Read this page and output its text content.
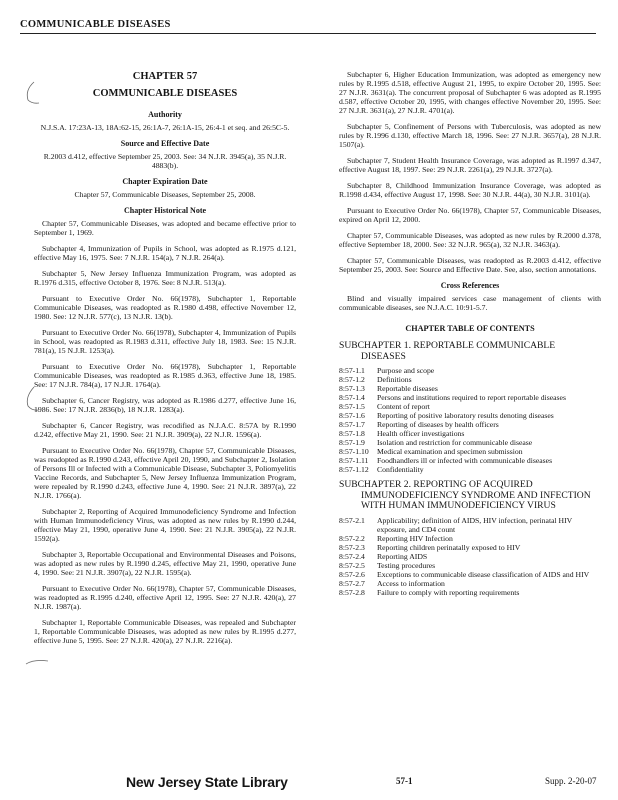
COMMUNICABLE DISEASES
CHAPTER 57
COMMUNICABLE DISEASES
Authority

N.J.S.A. 17:23A-13, 18A:62-15, 26:1A-7, 26:1A-15, 26:4-1 et seq. and 26:5C-5.

Source and Effective Date

R.2003 d.412, effective September 25, 2003. See: 34 N.J.R. 3945(a), 35 N.J.R. 4883(b).

Chapter Expiration Date

Chapter 57, Communicable Diseases, September 25, 2008.

Chapter Historical Note

Chapter 57, Communicable Diseases, was adopted and became effective prior to September 1, 1969.

Subchapter 4, Immunization of Pupils in School, was adopted as R.1975 d.121, effective May 16, 1975. See: 7 N.J.R. 154(a), 7 N.J.R. 264(a).

Subchapter 5, New Jersey Influenza Immunization Program, was adopted as R.1976 d.315, effective October 8, 1976. See: 8 N.J.R. 513(a).

Pursuant to Executive Order No. 66(1978), Subchapter 1, Reportable Communicable Diseases, was readopted as R.1980 d.498, effective November 12, 1980. See: 12 N.J.R. 577(c), 13 N.J.R. 13(b).

Pursuant to Executive Order No. 66(1978), Subchapter 4, Immunization of Pupils in School, was readopted as R.1983 d.311, effective July 18, 1983. See: 15 N.J.R. 781(a), 15 N.J.R. 1253(a).

Pursuant to Executive Order No. 66(1978), Subchapter 1, Reportable Communicable Diseases, was readopted as R.1985 d.363, effective June 18, 1985. See: 17 N.J.R. 784(a), 17 N.J.R. 1764(a).

Subchapter 6, Cancer Registry, was adopted as R.1986 d.277, effective June 16, 1986. See: 17 N.J.R. 2836(b), 18 N.J.R. 1283(a).

Subchapter 6, Cancer Registry, was recodified as N.J.A.C. 8:57A by R.1990 d.242, effective May 21, 1990. See: 21 N.J.R. 3909(a), 22 N.J.R. 1596(a).

Pursuant to Executive Order No. 66(1978), Chapter 57, Communicable Diseases, was readopted as R.1990 d.243, effective April 20, 1990, and Subchapter 2, Isolation of Persons Ill or Infected with a Communicable Disease, Subchapter 3, Poliomyelitis Vaccine Records, and Subchapter 5, New Jersey Influenza Immunization Program, were repealed by R.1990 d.243, effective June 4, 1990. See: 21 N.J.R. 3897(a), 22 N.J.R. 1766(a).

Subchapter 2, Reporting of Acquired Immunodeficiency Syndrome and Infection with Human Immunodeficiency Virus, was adopted as new rules by R.1990 d.244, effective May 21, 1990, operative June 4, 1990. See: 21 N.J.R. 3905(a), 22 N.J.R. 1592(a).

Subchapter 3, Reportable Occupational and Environmental Diseases and Poisons, was adopted as new rules by R.1990 d.245, effective May 21, 1990, operative June 4, 1990. See: 21 N.J.R. 3907(a), 22 N.J.R. 1595(a).

Pursuant to Executive Order No. 66(1978), Chapter 57, Communicable Diseases, was readopted as R.1995 d.240, effective April 12, 1995. See: 27 N.J.R. 420(a), 27 N.J.R. 1987(a).

Subchapter 1, Reportable Communicable Diseases, was repealed and Subchapter 1, Reportable Communicable Diseases, was adopted as new rules by R.1995 d.277, effective June 5, 1995. See: 27 N.J.R. 420(a), 27 N.J.R. 2216(a).

Subchapter 6, Higher Education Immunization, was adopted as emergency new rules by R.1995 d.518, effective August 21, 1995, to expire October 20, 1995. See: 27 N.J.R. 3631(a). The concurrent proposal of Subchapter 6 was adopted as R.1995 d.587, effective October 20, 1995, with changes effective November 20, 1995. See: 27 N.J.R. 3631(a), 27 N.J.R. 4701(a).

Subchapter 5, Confinement of Persons with Tuberculosis, was adopted as new rules by R.1996 d.130, effective March 18, 1996. See: 27 N.J.R. 3657(a), 28 N.J.R. 1507(a).

Subchapter 7, Student Health Insurance Coverage, was adopted as R.1997 d.347, effective August 18, 1997. See: 29 N.J.R. 2261(a), 29 N.J.R. 3727(a).

Subchapter 8, Childhood Immunization Insurance Coverage, was adopted as R.1998 d.434, effective August 17, 1998. See: 30 N.J.R. 44(a), 30 N.J.R. 3101(a).

Pursuant to Executive Order No. 66(1978), Chapter 57, Communicable Diseases, expired on April 12, 2000.

Chapter 57, Communicable Diseases, was adopted as new rules by R.2000 d.378, effective September 18, 2000. See: 32 N.J.R. 965(a), 32 N.J.R. 3463(a).

Chapter 57, Communicable Diseases, was readopted as R.2003 d.412, effective September 25, 2003. See: Source and Effective Date. See, also, section annotations.

Cross References

Blind and visually impaired services case management of clients with communicable diseases, see N.J.A.C. 10:91-5.7.

CHAPTER TABLE OF CONTENTS
SUBCHAPTER 1. REPORTABLE COMMUNICABLE DISEASES
8:57-1.1	Purpose and scope
8:57-1.2	Definitions
8:57-1.3	Reportable diseases
8:57-1.4	Persons and institutions required to report reportable diseases
8:57-1.5	Content of report
8:57-1.6	Reporting of positive laboratory results denoting diseases
8:57-1.7	Reporting of diseases by health officers
8:57-1.8	Health officer investigations
8:57-1.9	Isolation and restriction for communicable disease
8:57-1.10	Medical examination and specimen submission
8:57-1.11	Foodhandlers ill or infected with communicable diseases
8:57-1.12	Confidentiality
SUBCHAPTER 2. REPORTING OF ACQUIRED IMMUNODEFICIENCY SYNDROME AND INFECTION WITH HUMAN IMMUNODEFICIENCY VIRUS
8:57-2.1	Applicability; definition of AIDS, HIV infection, perinatal HIV exposure, and CD4 count
8:57-2.2	Reporting HIV Infection
8:57-2.3	Reporting children perinatally exposed to HIV
8:57-2.4	Reporting AIDS
8:57-2.5	Testing procedures
8:57-2.6	Exceptions to communicable disease classification of AIDS and HIV
8:57-2.7	Access to information
8:57-2.8	Failure to comply with reporting requirements
New Jersey State Library	57-1	Supp. 2-20-07
